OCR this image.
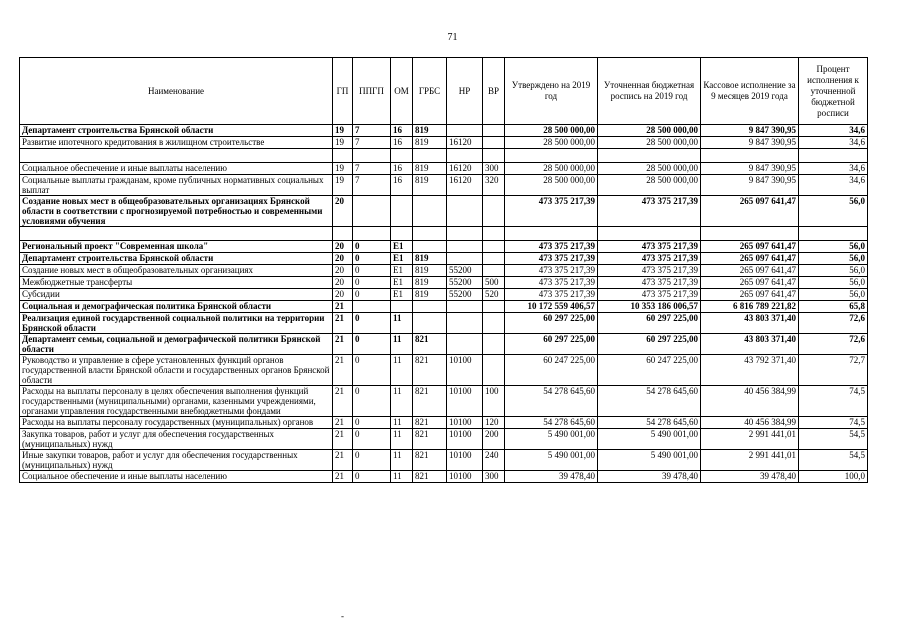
71
Наименование	ГП	ППГП	ОМ	ГРБС	НР	ВР	Утверждено на 2019 год	Уточненная бюджетная роспись на 2019 год	Кассовое исполнение за 9 месяцев 2019 года	Процент исполнения к уточненной бюджетной росписи
Департамент строительства Брянской области	19	7	16	819			28 500 000,00	28 500 000,00	9 847 390,95	34,6
Развитие ипотечного кредитования в жилищном строительстве	19	7	16	819	16120		28 500 000,00	28 500 000,00	9 847 390,95	34,6

Социальное обеспечение и иные выплаты населению	19	7	16	819	16120	300	28 500 000,00	28 500 000,00	9 847 390,95	34,6
Социальные выплаты гражданам, кроме публичных нормативных социальных выплат	19	7	16	819	16120	320	28 500 000,00	28 500 000,00	9 847 390,95	34,6
Создание новых мест в общеобразовательных организациях Брянской области в соответствии с прогнозируемой потребностью и современными условиями обучения	20						473 375 217,39	473 375 217,39	265 097 641,47	56,0

Региональный проект "Современная школа"	20	0	E1				473 375 217,39	473 375 217,39	265 097 641,47	56,0
Департамент строительства Брянской области	20	0	E1	819			473 375 217,39	473 375 217,39	265 097 641,47	56,0
Создание новых мест в общеобразовательных организациях	20	0	E1	819	55200		473 375 217,39	473 375 217,39	265 097 641,47	56,0
Межбюджетные трансферты	20	0	E1	819	55200	500	473 375 217,39	473 375 217,39	265 097 641,47	56,0
Субсидии	20	0	E1	819	55200	520	473 375 217,39	473 375 217,39	265 097 641,47	56,0
Социальная и демографическая политика Брянской области	21						10 172 559 406,57	10 353 186 006,57	6 816 789 221,82	65,8
Реализация единой государственной социальной политики на территории Брянской области	21	0	11				60 297 225,00	60 297 225,00	43 803 371,40	72,6
Департамент семьи, социальной и демографической политики Брянской области	21	0	11	821			60 297 225,00	60 297 225,00	43 803 371,40	72,6
Руководство и управление в сфере установленных функций органов государственной власти Брянской области и государственных органов Брянской области	21	0	11	821	10100		60 247 225,00	60 247 225,00	43 792 371,40	72,7
Расходы на выплаты персоналу в целях обеспечения выполнения функций государственными (муниципальными) органами, казенными учреждениями, органами управления государственными внебюджетными фондами	21	0	11	821	10100	100	54 278 645,60	54 278 645,60	40 456 384,99	74,5
Расходы на выплаты персоналу государственных (муниципальных) органов	21	0	11	821	10100	120	54 278 645,60	54 278 645,60	40 456 384,99	74,5
Закупка товаров, работ и услуг для обеспечения государственных (муниципальных) нужд	21	0	11	821	10100	200	5 490 001,00	5 490 001,00	2 991 441,01	54,5
Иные закупки товаров, работ и услуг для обеспечения государственных (муниципальных) нужд	21	0	11	821	10100	240	5 490 001,00	5 490 001,00	2 991 441,01	54,5
Социальное обеспечение и иные выплаты населению	21	0	11	821	10100	300	39 478,40	39 478,40	39 478,40	100,0
-
